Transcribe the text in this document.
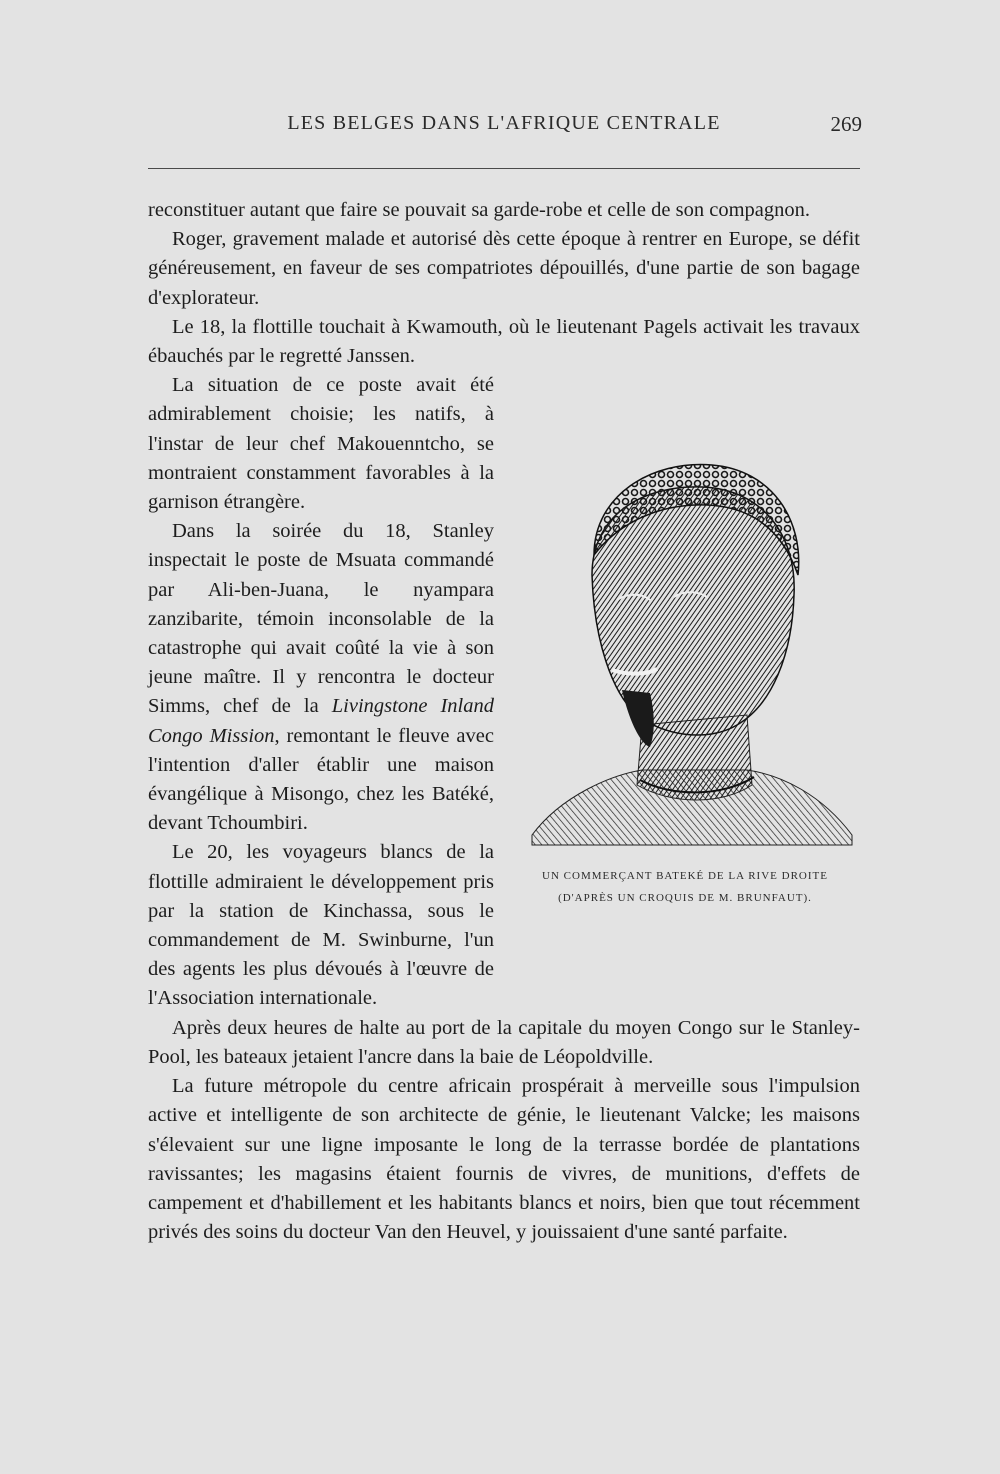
LES BELGES DANS L'AFRIQUE CENTRALE	269

reconstituer autant que faire se pouvait sa garde-robe et celle de son compagnon.

Roger, gravement malade et autorisé dès cette époque à rentrer en Europe, se défit généreusement, en faveur de ses compatriotes dépouillés, d'une partie de son bagage d'explorateur.

Le 18, la flottille touchait à Kwamouth, où le lieutenant Pagels activait les travaux ébauchés par le regretté Janssen.

UN COMMERÇANT BATEKÉ DE LA RIVE DROITE
(D'APRÈS UN CROQUIS DE M. BRUNFAUT).

La situation de ce poste avait été admirablement choisie; les natifs, à l'instar de leur chef Makouenntcho, se montraient constamment favorables à la garnison étrangère.

Dans la soirée du 18, Stanley inspectait le poste de Msuata commandé par Ali-ben-Juana, le nyampara zanzibarite, témoin inconsolable de la catastrophe qui avait coûté la vie à son jeune maître. Il y rencontra le docteur Simms, chef de la Livingstone Inland Congo Mission, remontant le fleuve avec l'intention d'aller établir une maison évangélique à Misongo, chez les Batéké, devant Tchoumbiri.

Le 20, les voyageurs blancs de la flottille admiraient le développement pris par la station de Kinchassa, sous le commandement de M. Swinburne, l'un des agents les plus dévoués à l'œuvre de l'Association internationale.

Après deux heures de halte au port de la capitale du moyen Congo sur le Stanley-Pool, les bateaux jetaient l'ancre dans la baie de Léopoldville.

La future métropole du centre africain prospérait à merveille sous l'impulsion active et intelligente de son architecte de génie, le lieutenant Valcke; les maisons s'élevaient sur une ligne imposante le long de la terrasse bordée de plantations ravissantes; les magasins étaient fournis de vivres, de munitions, d'effets de campement et d'habillement et les habitants blancs et noirs, bien que tout récemment privés des soins du docteur Van den Heuvel, y jouissaient d'une santé parfaite.
